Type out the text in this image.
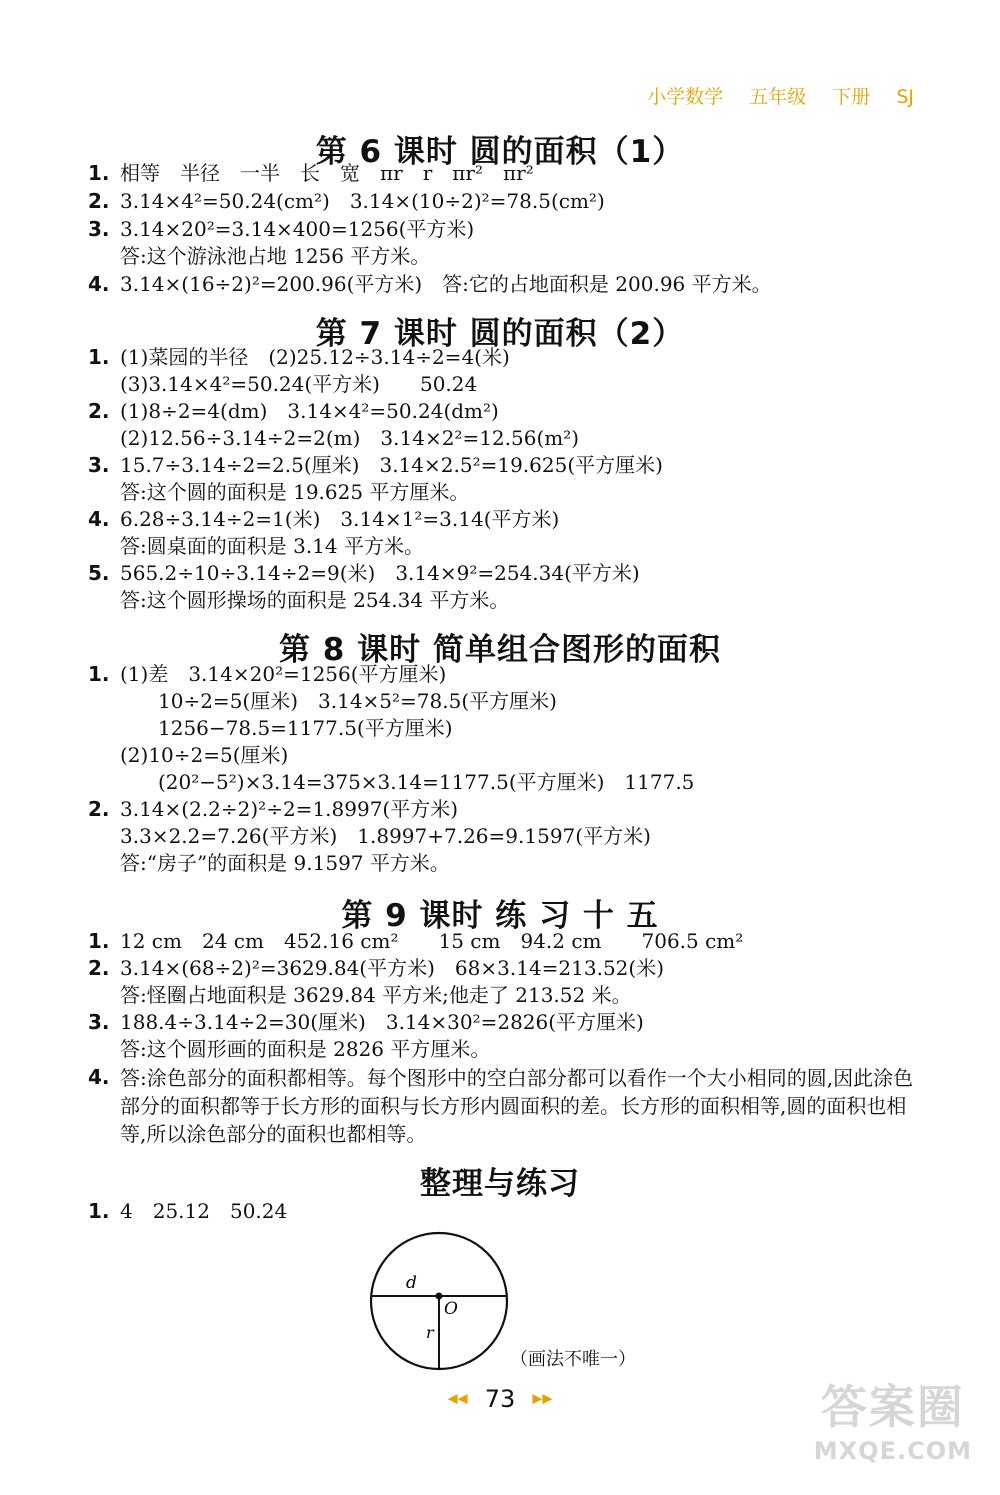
小学数学 五年级 下册 SJ
第 6 课时 圆的面积（1）
1. 相等　半径　一半　长　宽　πr　r　πr²　πr²
2. 3.14×4²=50.24(cm²)　3.14×(10÷2)²=78.5(cm²)
3. 3.14×20²=3.14×400=1256(平方米)
答:这个游泳池占地 1256 平方米。
4. 3.14×(16÷2)²=200.96(平方米)　答:它的占地面积是 200.96 平方米。
第 7 课时 圆的面积（2）
1. (1)菜园的半径　(2)25.12÷3.14÷2=4(米)
(3)3.14×4²=50.24(平方米)　　50.24
2. (1)8÷2=4(dm)　3.14×4²=50.24(dm²)
(2)12.56÷3.14÷2=2(m)　3.14×2²=12.56(m²)
3. 15.7÷3.14÷2=2.5(厘米)　3.14×2.5²=19.625(平方厘米)
答:这个圆的面积是 19.625 平方厘米。
4. 6.28÷3.14÷2=1(米)　3.14×1²=3.14(平方米)
答:圆桌面的面积是 3.14 平方米。
5. 565.2÷10÷3.14÷2=9(米)　3.14×9²=254.34(平方米)
答:这个圆形操场的面积是 254.34 平方米。
第 8 课时 简单组合图形的面积
1. (1)差　3.14×20²=1256(平方厘米)
10÷2=5(厘米)　3.14×5²=78.5(平方厘米)
1256−78.5=1177.5(平方厘米)
(2)10÷2=5(厘米)
(20²−5²)×3.14=375×3.14=1177.5(平方厘米)　1177.5
2. 3.14×(2.2÷2)²÷2=1.8997(平方米)
3.3×2.2=7.26(平方米)　1.8997+7.26=9.1597(平方米)
答:“房子”的面积是 9.1597 平方米。
第 9 课时 练 习 十 五
1. 12 cm　24 cm　452.16 cm²　　15 cm　94.2 cm　　706.5 cm²
2. 3.14×(68÷2)²=3629.84(平方米)　68×3.14=213.52(米)
答:怪圈占地面积是 3629.84 平方米;他走了 213.52 米。
3. 188.4÷3.14÷2=30(厘米)　3.14×30²=2826(平方厘米)
答:这个圆形画的面积是 2826 平方厘米。
4. 答:涂色部分的面积都相等。每个图形中的空白部分都可以看作一个大小相同的圆,因此涂色部分的面积都等于长方形的面积与长方形内圆面积的差。长方形的面积相等,圆的面积也相等,所以涂色部分的面积也都相等。
整理与练习
1. 4　25.12　50.24
d
O
r
（画法不唯一）
◀◀ 73 ▶▶	答案圈
MXQE.COM
